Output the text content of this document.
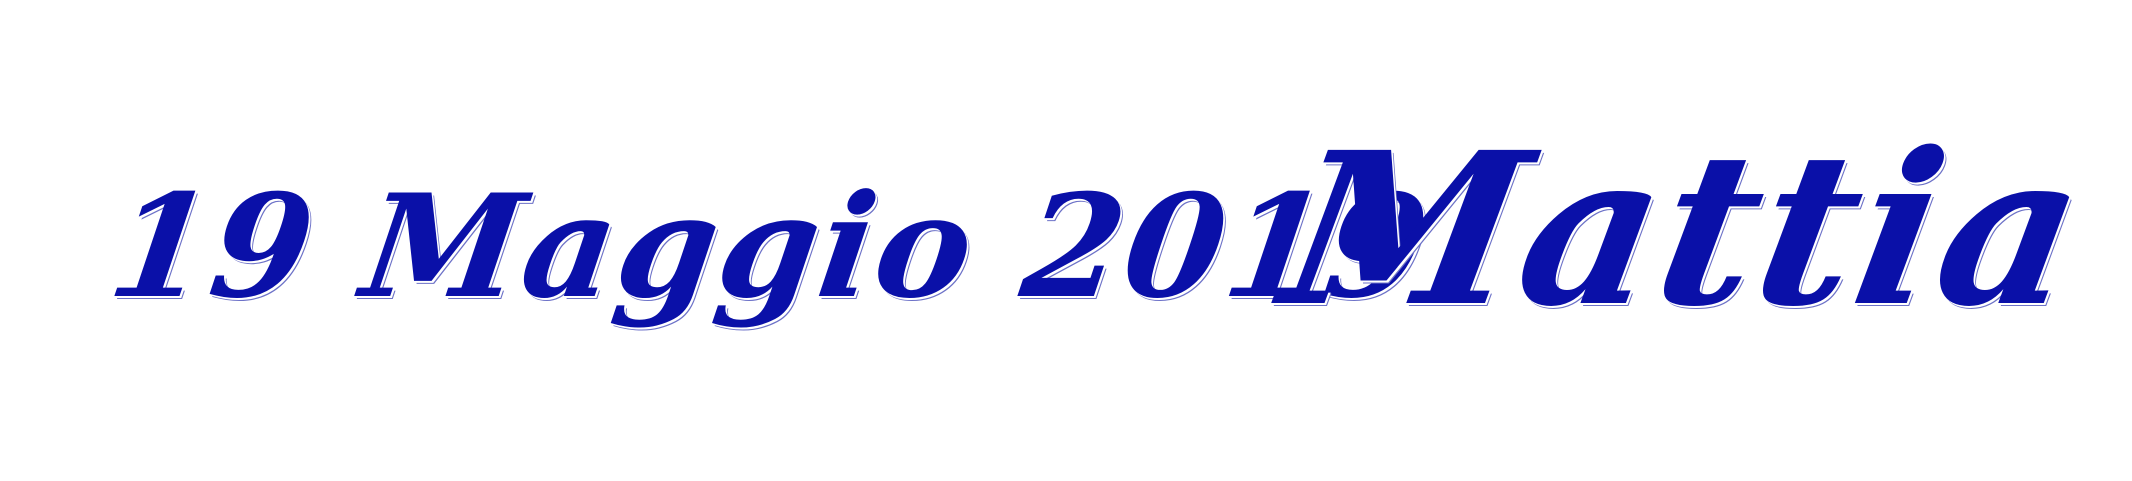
19 Maggio 2019
Mattia
